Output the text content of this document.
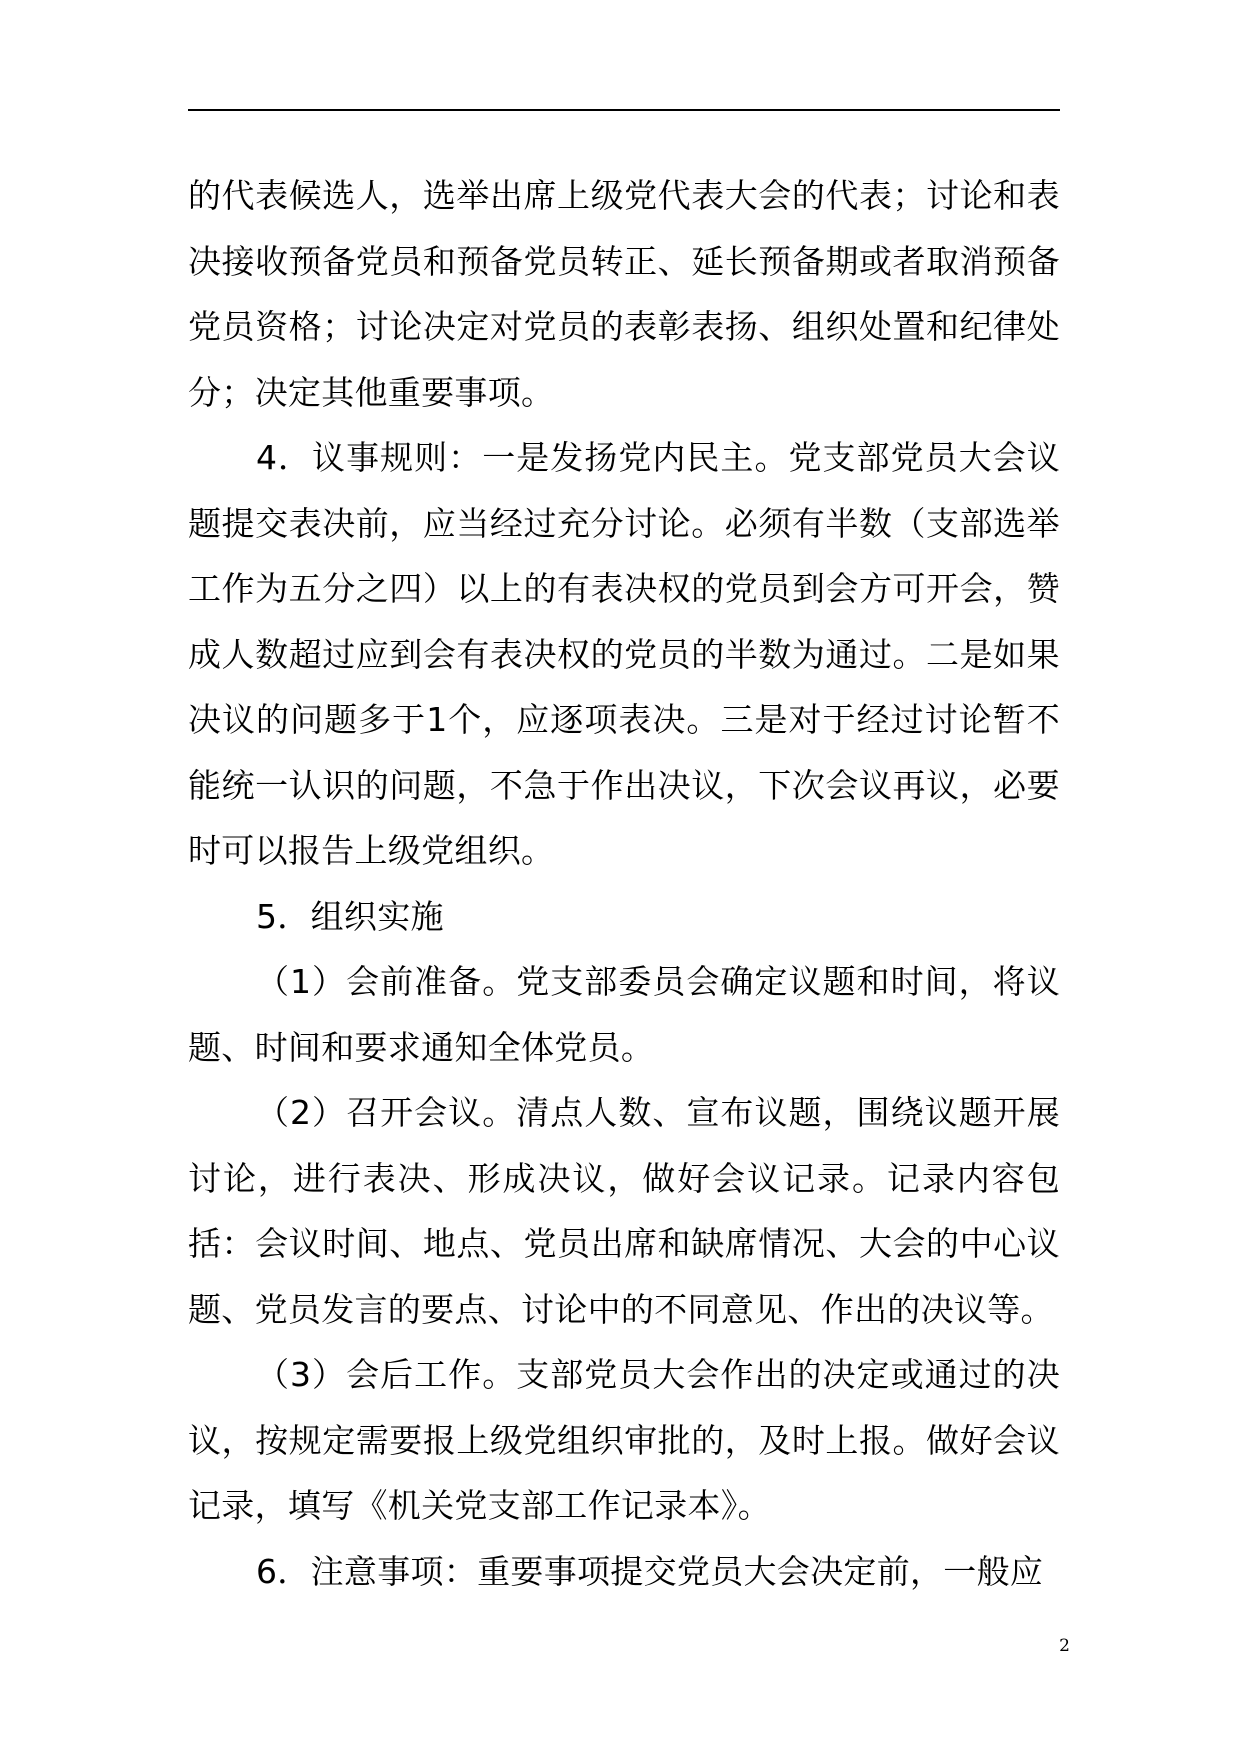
的代表候选人，选举出席上级党代表大会的代表；讨论和表决接收预备党员和预备党员转正、延长预备期或者取消预备党员资格；讨论决定对党员的表彰表扬、组织处置和纪律处分；决定其他重要事项。

4．议事规则：一是发扬党内民主。党支部党员大会议题提交表决前，应当经过充分讨论。必须有半数（支部选举工作为五分之四）以上的有表决权的党员到会方可开会，赞成人数超过应到会有表决权的党员的半数为通过。二是如果决议的问题多于1个，应逐项表决。三是对于经过讨论暂不能统一认识的问题，不急于作出决议，下次会议再议，必要时可以报告上级党组织。

5．组织实施

（1）会前准备。党支部委员会确定议题和时间，将议题、时间和要求通知全体党员。

（2）召开会议。清点人数、宣布议题，围绕议题开展讨论，进行表决、形成决议，做好会议记录。记录内容包括：会议时间、地点、党员出席和缺席情况、大会的中心议题、党员发言的要点、讨论中的不同意见、作出的决议等。

（3）会后工作。支部党员大会作出的决定或通过的决议，按规定需要报上级党组织审批的，及时上报。做好会议记录，填写《机关党支部工作记录本》。

6．注意事项：重要事项提交党员大会决定前，一般应

2
